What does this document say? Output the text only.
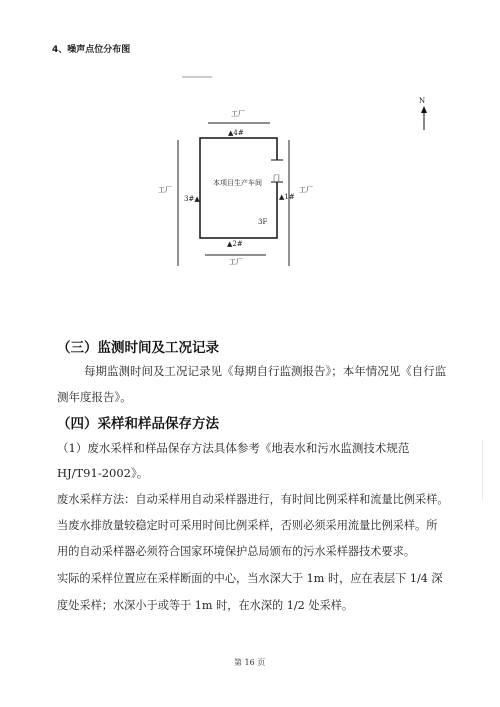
4、噪声点位分布图
工厂
工厂	工厂
工厂
▲4#
3#▲	▲1#
▲2#
本项目生产车间
门
3F
N
（三）监测时间及工况记录
每期监测时间及工况记录见《每期自行监测报告》；本年情况见《自行监
测年度报告》。
（四）采样和样品保存方法
（1）废水采样和样品保存方法具体参考《地表水和污水监测技术规范
HJ/T91-2002》。
废水采样方法：自动采样用自动采样器进行，有时间比例采样和流量比例采样。
当废水排放量较稳定时可采用时间比例采样，否则必须采用流量比例采样。所
用的自动采样器必须符合国家环境保护总局颁布的污水采样器技术要求。
实际的采样位置应在采样断面的中心，当水深大于 1m 时，应在表层下 1/4 深
度处采样；水深小于或等于 1m 时，在水深的 1/2 处采样。
第 16 页
